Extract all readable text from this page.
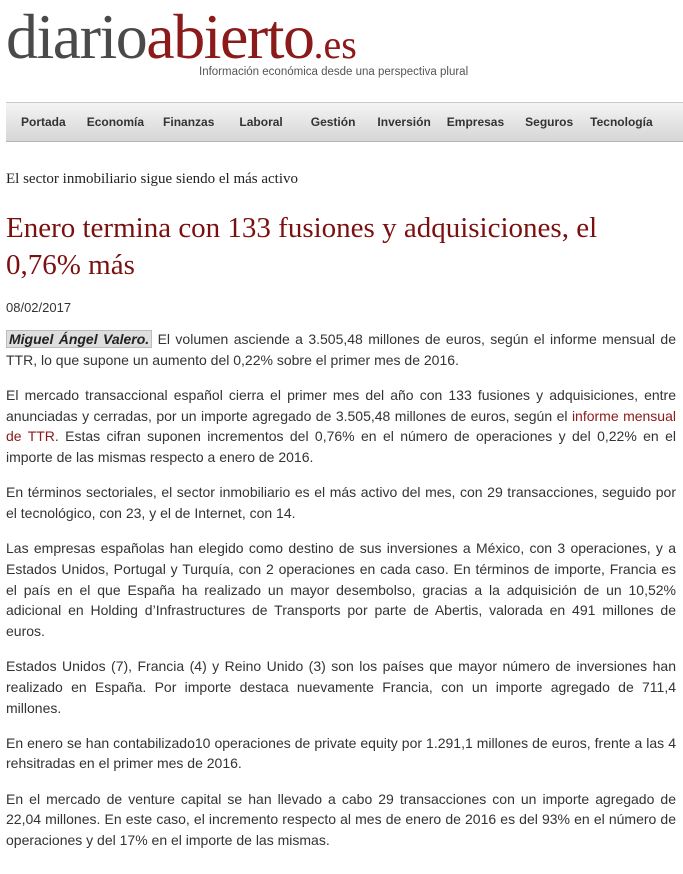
diarioabierto.es
Información económica desde una perspectiva plural
Portada Economía Finanzas Laboral Gestión Inversión Empresas Seguros Tecnología
El sector inmobiliario sigue siendo el más activo
Enero termina con 133 fusiones y adquisiciones, el 0,76% más
08/02/2017

Miguel Ángel Valero. El volumen asciende a 3.505,48 millones de euros, según el informe mensual de TTR, lo que supone un aumento del 0,22% sobre el primer mes de 2016.

El mercado transaccional español cierra el primer mes del año con 133 fusiones y adquisiciones, entre anunciadas y cerradas, por un importe agregado de 3.505,48 millones de euros, según el informe mensual de TTR. Estas cifran suponen incrementos del 0,76% en el número de operaciones y del 0,22% en el importe de las mismas respecto a enero de 2016.

En términos sectoriales, el sector inmobiliario es el más activo del mes, con 29 transacciones, seguido por el tecnológico, con 23, y el de Internet, con 14.

Las empresas españolas han elegido como destino de sus inversiones a México, con 3 operaciones, y a Estados Unidos, Portugal y Turquía, con 2 operaciones en cada caso. En términos de importe, Francia es el país en el que España ha realizado un mayor desembolso, gracias a la adquisición de un 10,52% adicional en Holding d’Infrastructures de Transports por parte de Abertis, valorada en 491 millones de euros.

Estados Unidos (7), Francia (4) y Reino Unido (3) son los países que mayor número de inversiones han realizado en España. Por importe destaca nuevamente Francia, con un importe agregado de 711,4 millones.

En enero se han contabilizado10 operaciones de private equity por 1.291,1 millones de euros, frente a las 4 rehsitradas en el primer mes de 2016.

En el mercado de venture capital se han llevado a cabo 29 transacciones con un importe agregado de 22,04 millones. En este caso, el incremento respecto al mes de enero de 2016 es del 93% en el número de operaciones y del 17% en el importe de las mismas.
